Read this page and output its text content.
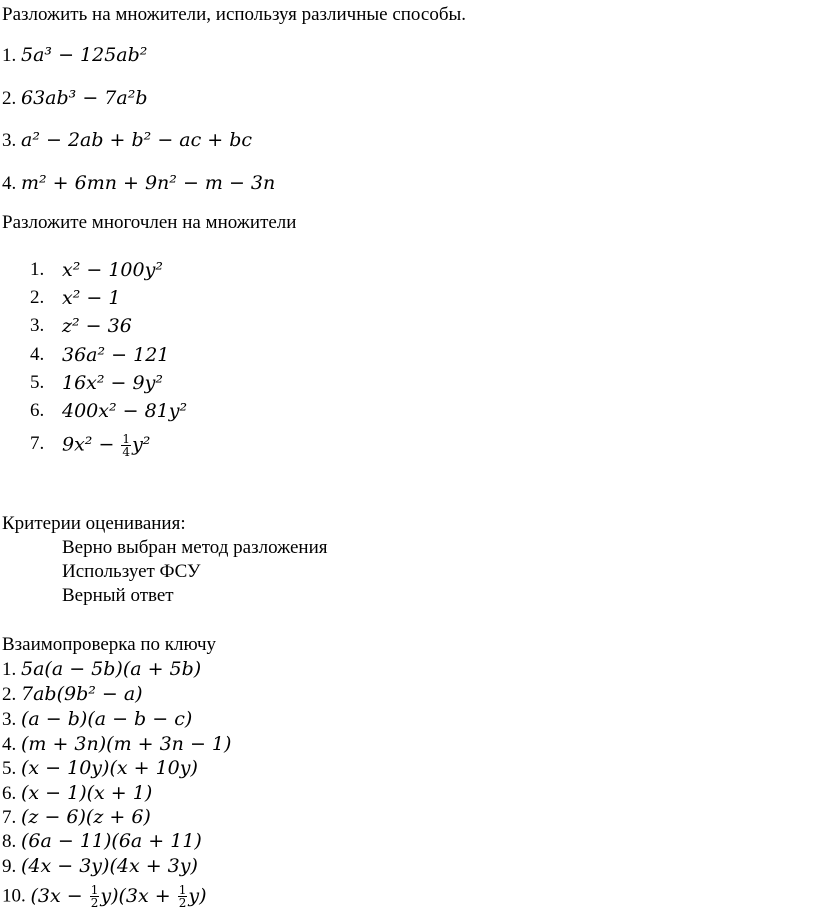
Разложить на множители, используя различные способы.
1. 5a³ − 125ab²
2. 63ab³ − 7a²b
3. a² − 2ab + b² − ac + bc
4. m² + 6mn + 9n² − m − 3n
Разложите многочлен на множители
1. x² − 100y²
2. x² − 1
3. z² − 36
4. 36a² − 121
5. 16x² − 9y²
6. 400x² − 81y²
7. $9x^2 - \frac{1}{4} y^2$
Критерии оценивания:
Верно выбран метод разложения
Использует ФСУ
Верный ответ
Взаимопроверка по ключу
1. 5a(a − 5b)(a + 5b)
2. 7ab(9b² − a)
3. (a − b)(a − b − c)
4. (m + 3n)(m + 3n − 1)
5. (x − 10y)(x + 10y)
6. (x − 1)(x + 1)
7. (z − 6)(z + 6)
8. (6a − 11)(6a + 11)
9. (4x − 3y)(4x + 3y)
10. $(3x - \frac{1}{2} y)(3x + \frac{1}{2} y)$
